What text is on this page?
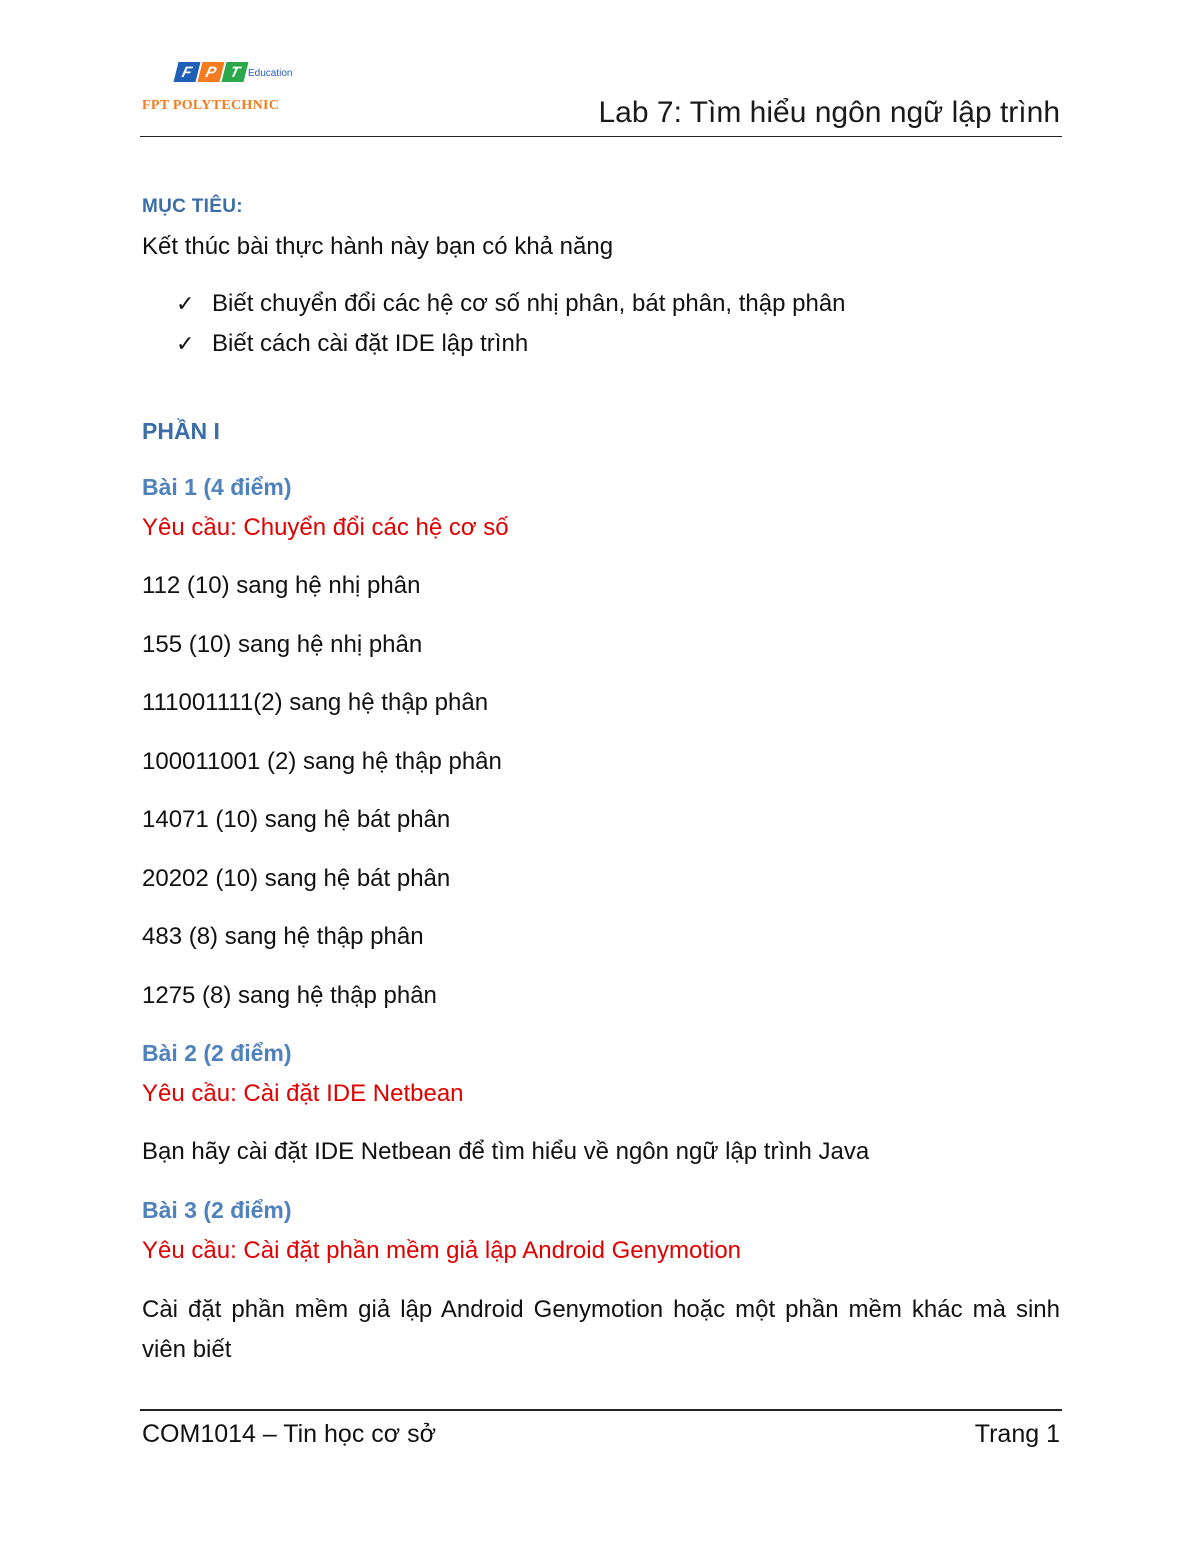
F P T Education
FPT POLYTECHNIC	Lab 7: Tìm hiểu ngôn ngữ lập trình
MỤC TIÊU:
Kết thúc bài thực hành này bạn có khả năng
✓ Biết chuyển đổi các hệ cơ số nhị phân, bát phân, thập phân
✓ Biết cách cài đặt IDE lập trình
PHẦN I
Bài 1 (4 điểm)
Yêu cầu: Chuyển đổi các hệ cơ số
112 (10) sang hệ nhị phân
155 (10) sang hệ nhị phân
111001111(2) sang hệ thập phân
100011001 (2) sang hệ thập phân
14071 (10) sang hệ bát phân
20202 (10) sang hệ bát phân
483 (8) sang hệ thập phân
1275 (8) sang hệ thập phân
Bài 2 (2 điểm)
Yêu cầu: Cài đặt IDE Netbean
Bạn hãy cài đặt IDE Netbean để tìm hiểu về ngôn ngữ lập trình Java
Bài 3 (2 điểm)
Yêu cầu: Cài đặt phần mềm giả lập Android Genymotion
Cài đặt phần mềm giả lập Android Genymotion hoặc một phần mềm khác mà sinh viên biết
COM1014 – Tin học cơ sở	Trang 1
